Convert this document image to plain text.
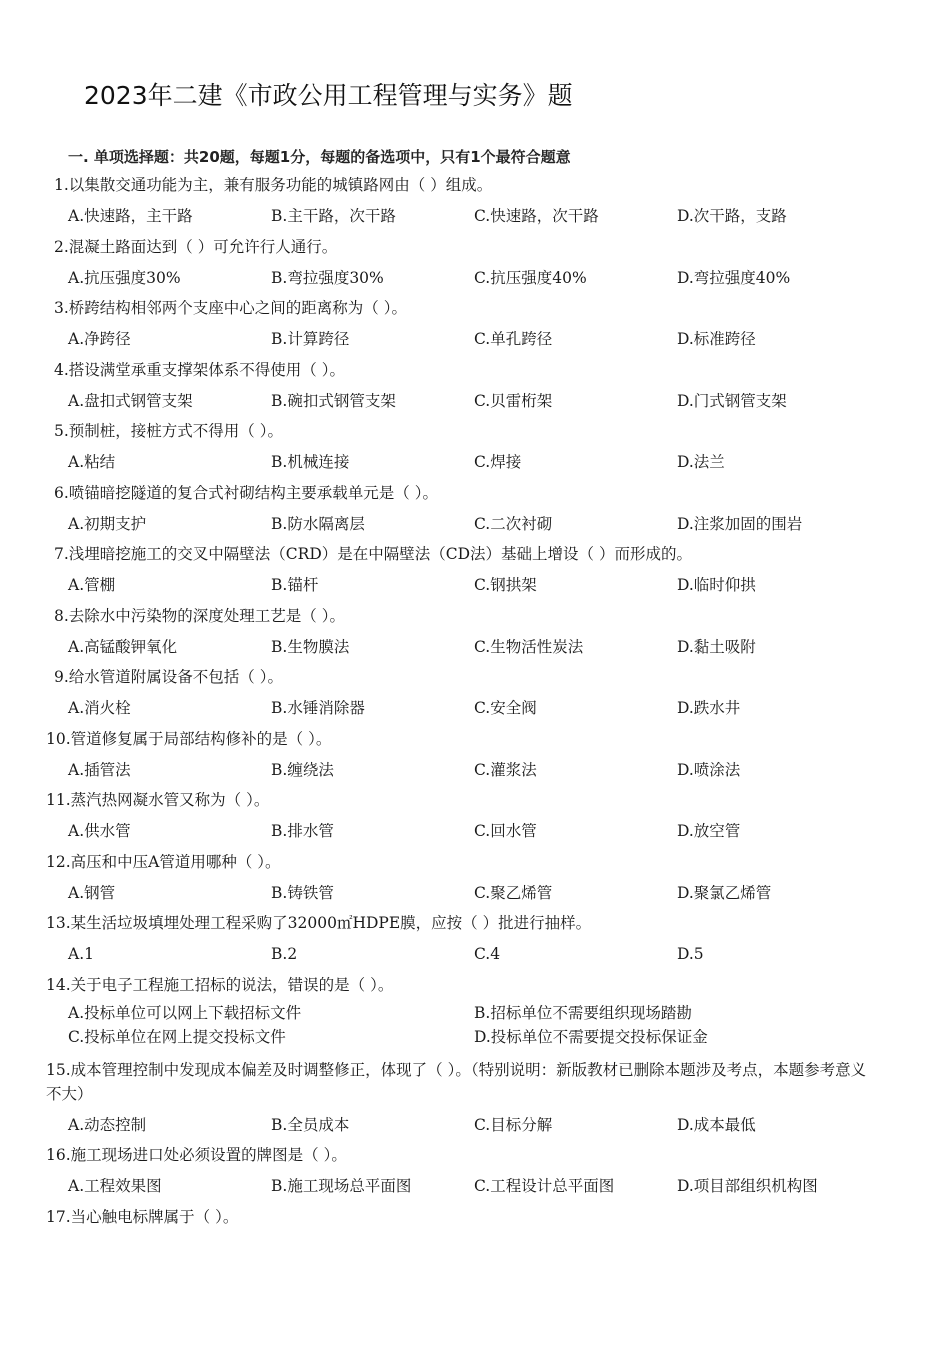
2023年二建《市政公用工程管理与实务》题
一. 单项选择题：共20题，每题1分，每题的备选项中，只有1个最符合题意
1.以集散交通功能为主，兼有服务功能的城镇路网由（ ）组成。
A.快速路，主干路	B.主干路，次干路	C.快速路，次干路	D.次干路，支路
2.混凝土路面达到（ ）可允许行人通行。
A.抗压强度30%	B.弯拉强度30%	C.抗压强度40%	D.弯拉强度40%
3.桥跨结构相邻两个支座中心之间的距离称为（ ）。
A.净跨径	B.计算跨径	C.单孔跨径	D.标准跨径
4.搭设满堂承重支撑架体系不得使用（ ）。
A.盘扣式钢管支架	B.碗扣式钢管支架	C.贝雷桁架	D.门式钢管支架
5.预制桩，接桩方式不得用（ ）。
A.粘结	B.机械连接	C.焊接	D.法兰
6.喷锚暗挖隧道的复合式衬砌结构主要承载单元是（ ）。
A.初期支护	B.防水隔离层	C.二次衬砌	D.注浆加固的围岩
7.浅埋暗挖施工的交叉中隔壁法（CRD）是在中隔壁法（CD法）基础上增设（ ）而形成的。
A.管棚	B.锚杆	C.钢拱架	D.临时仰拱
8.去除水中污染物的深度处理工艺是（ ）。
A.高锰酸钾氧化	B.生物膜法	C.生物活性炭法	D.黏土吸附
9.给水管道附属设备不包括（ ）。
A.消火栓	B.水锤消除器	C.安全阀	D.跌水井
10.管道修复属于局部结构修补的是（ ）。
A.插管法	B.缠绕法	C.灌浆法	D.喷涂法
11.蒸汽热网凝水管又称为（ ）。
A.供水管	B.排水管	C.回水管	D.放空管
12.高压和中压A管道用哪种（ ）。
A.钢管	B.铸铁管	C.聚乙烯管	D.聚氯乙烯管
13.某生活垃圾填埋处理工程采购了32000㎡HDPE膜，应按（ ）批进行抽样。
A.1	B.2	C.4	D.5
14.关于电子工程施工招标的说法，错误的是（ ）。
A.投标单位可以网上下载招标文件	B.招标单位不需要组织现场踏勘
C.投标单位在网上提交投标文件	D.投标单位不需要提交投标保证金
15.成本管理控制中发现成本偏差及时调整修正，体现了（ ）。（特别说明：新版教材已删除本题涉及考点，本题参考意义不大）
A.动态控制	B.全员成本	C.目标分解	D.成本最低
16.施工现场进口处必须设置的牌图是（ ）。
A.工程效果图	B.施工现场总平面图	C.工程设计总平面图	D.项目部组织机构图
17.当心触电标牌属于（ ）。
